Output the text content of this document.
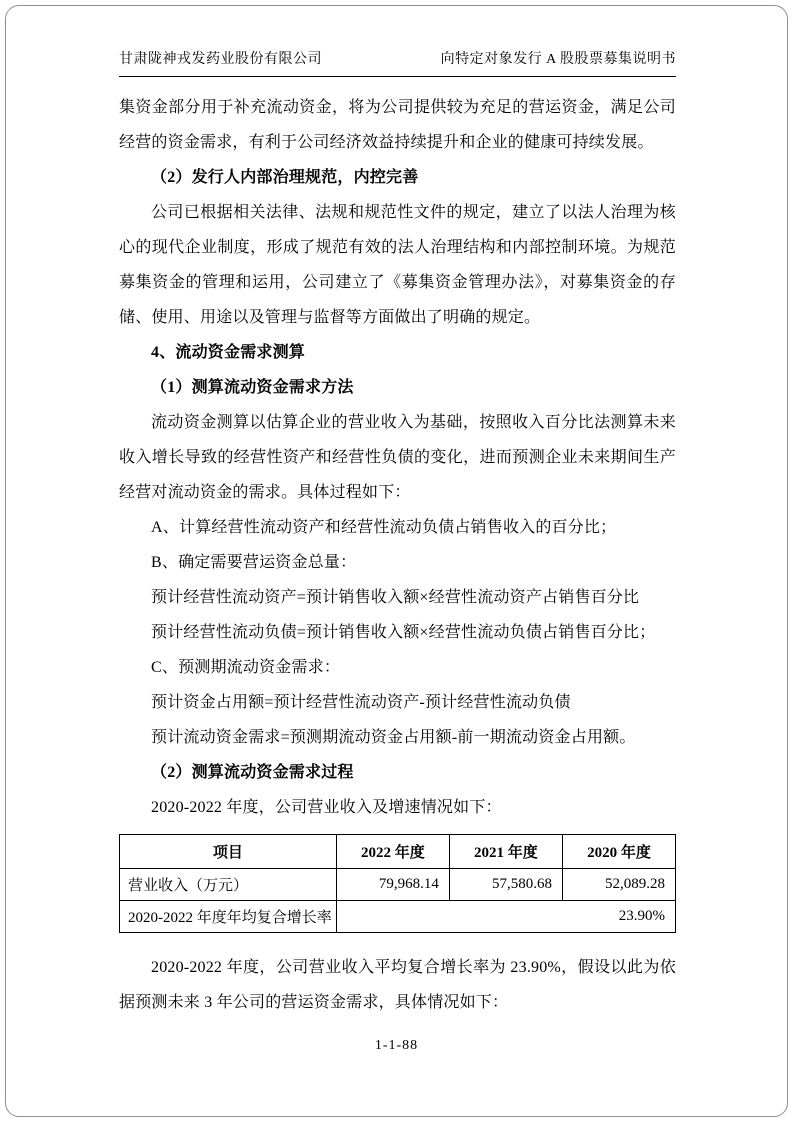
甘肃陇神戎发药业股份有限公司	向特定对象发行 A 股股票募集说明书

集资金部分用于补充流动资金，将为公司提供较为充足的营运资金，满足公司经营的资金需求，有利于公司经济效益持续提升和企业的健康可持续发展。

（2）发行人内部治理规范，内控完善

公司已根据相关法律、法规和规范性文件的规定，建立了以法人治理为核心的现代企业制度，形成了规范有效的法人治理结构和内部控制环境。为规范募集资金的管理和运用，公司建立了《募集资金管理办法》，对募集资金的存储、使用、用途以及管理与监督等方面做出了明确的规定。

4、流动资金需求测算
（1）测算流动资金需求方法

流动资金测算以估算企业的营业收入为基础，按照收入百分比法测算未来收入增长导致的经营性资产和经营性负债的变化，进而预测企业未来期间生产经营对流动资金的需求。具体过程如下：

A、计算经营性流动资产和经营性流动负债占销售收入的百分比；

B、确定需要营运资金总量：

预计经营性流动资产=预计销售收入额×经营性流动资产占销售百分比

预计经营性流动负债=预计销售收入额×经营性流动负债占销售百分比；

C、预测期流动资金需求：

预计资金占用额=预计经营性流动资产-预计经营性流动负债

预计流动资金需求=预测期流动资金占用额-前一期流动资金占用额。

（2）测算流动资金需求过程

2020-2022 年度，公司营业收入及增速情况如下：

项目	2022 年度	2021 年度	2020 年度
营业收入（万元）	79,968.14	57,580.68	52,089.28
2020-2022 年度年均复合增长率	23.90%		

2020-2022 年度，公司营业收入平均复合增长率为 23.90%，假设以此为依据预测未来 3 年公司的营运资金需求，具体情况如下：

1-1-88
